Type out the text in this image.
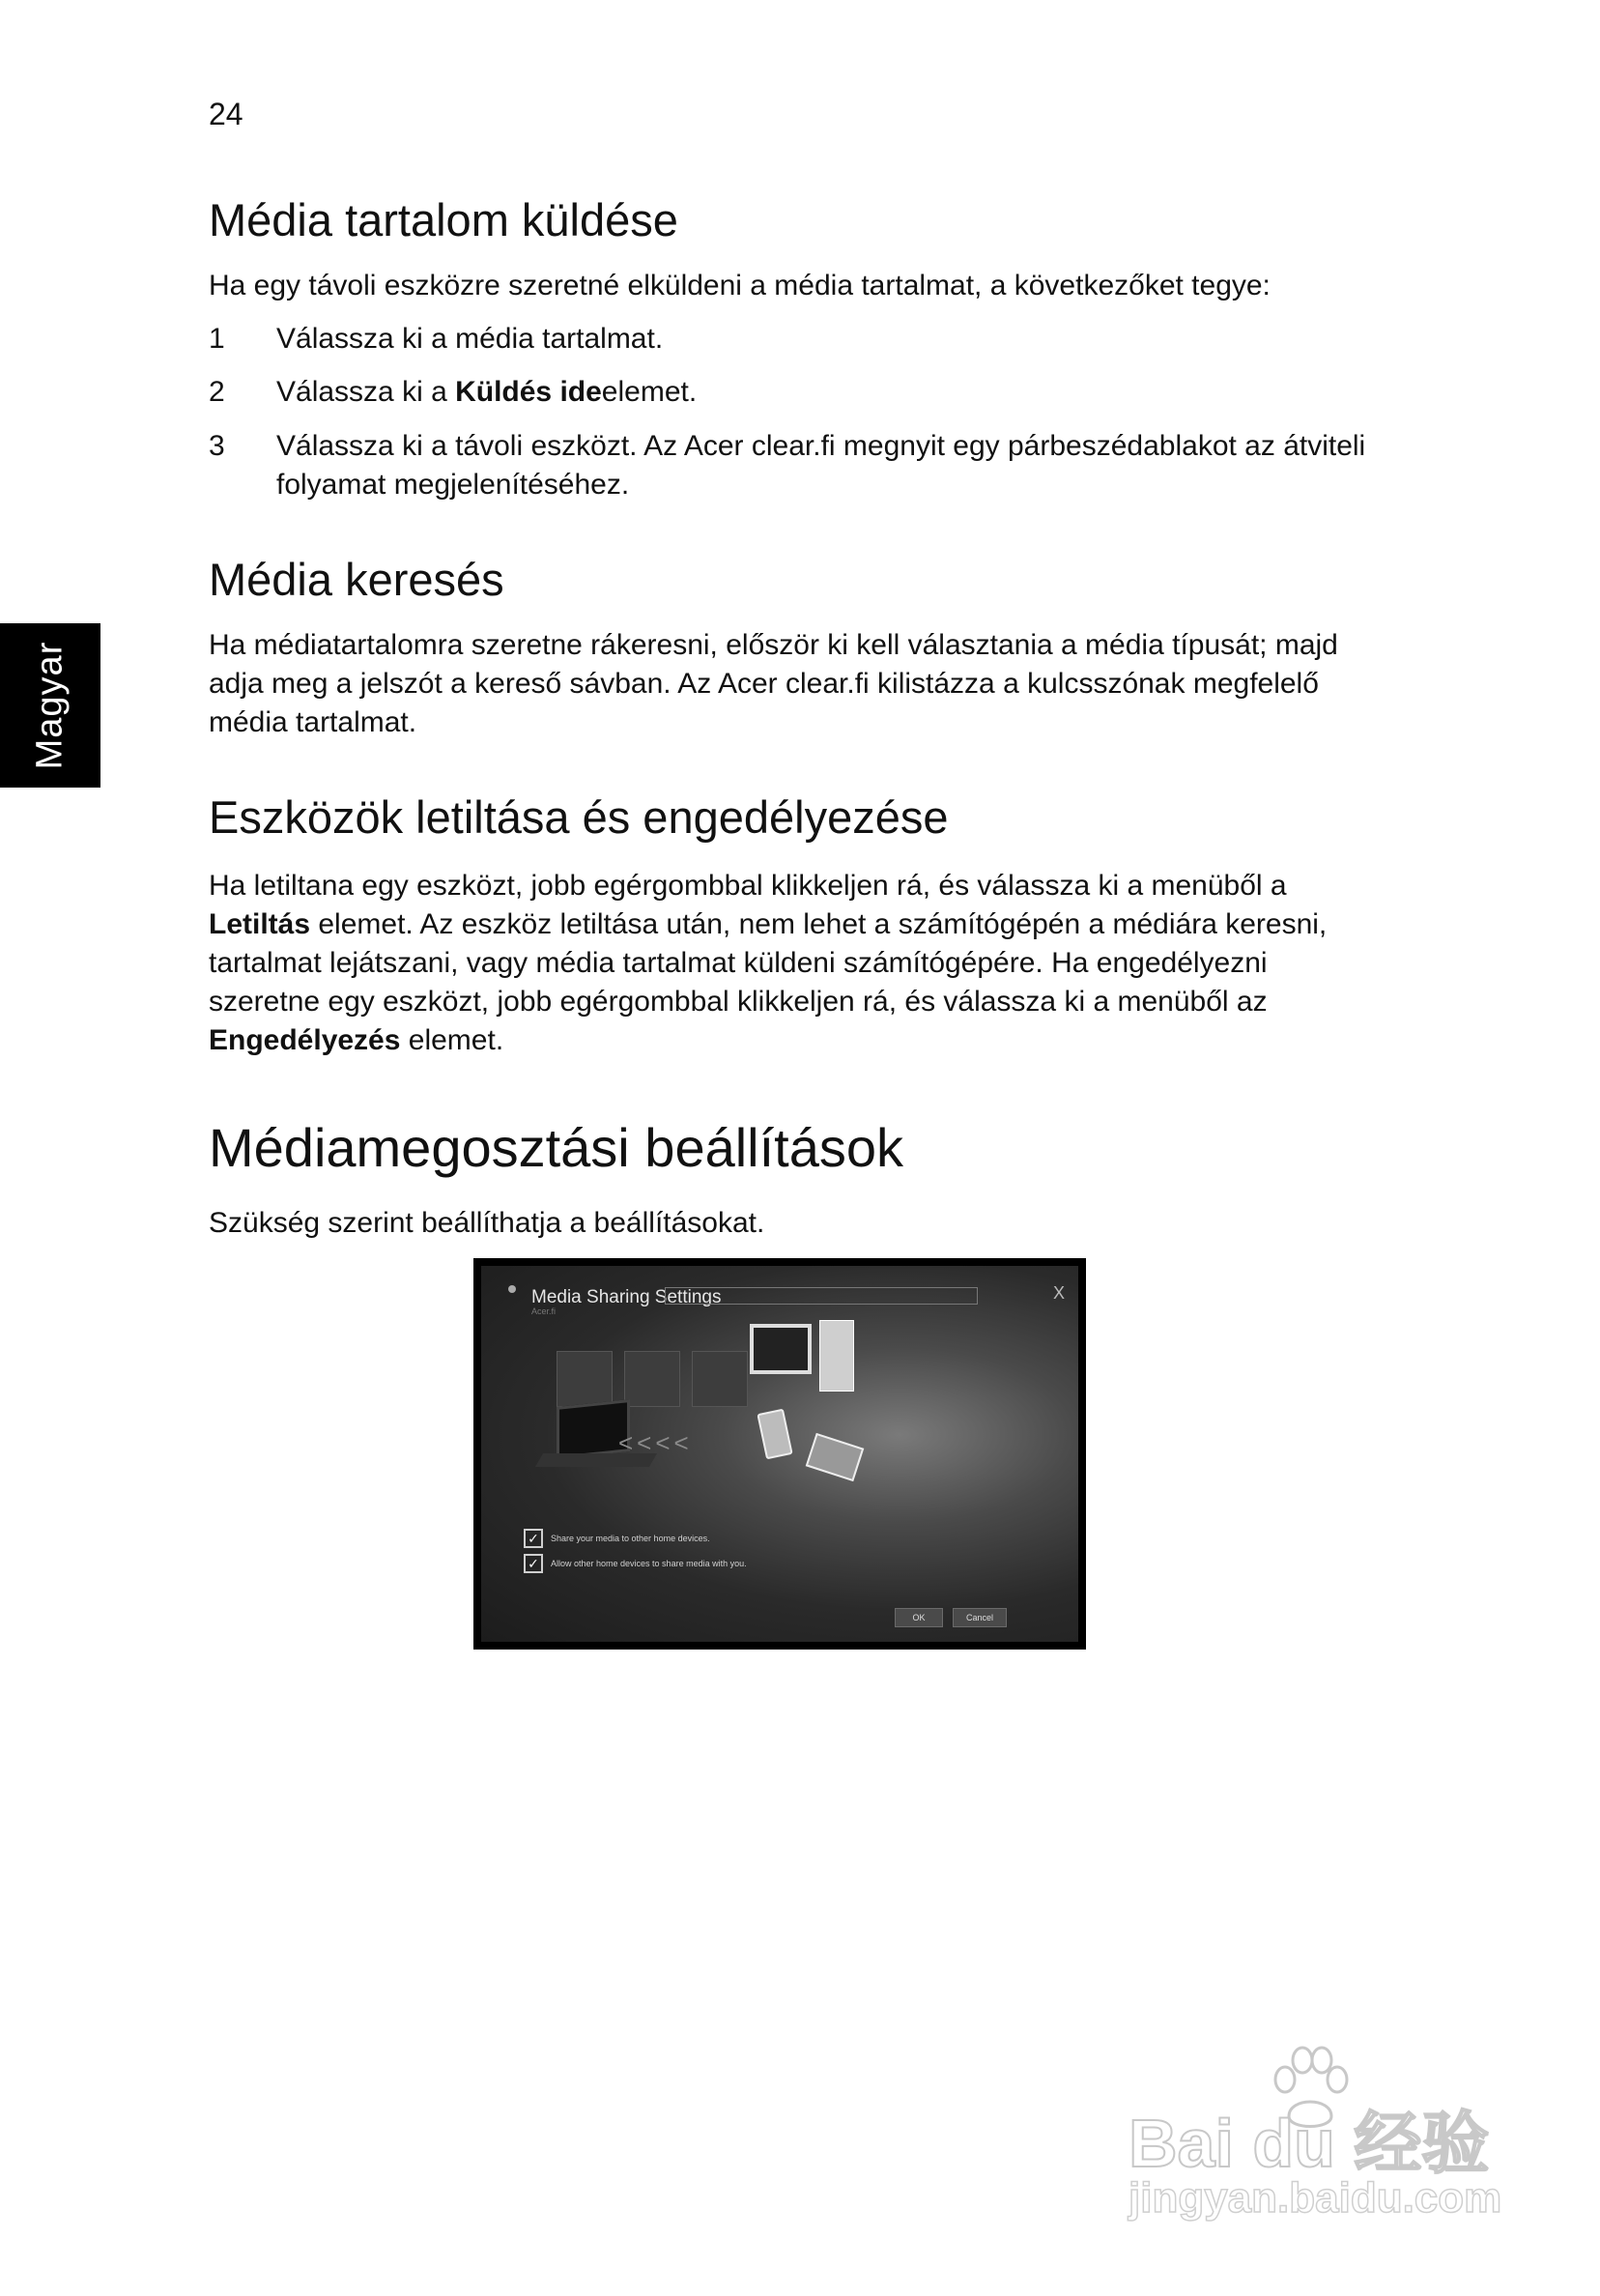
24
Magyar
Média tartalom küldése

Ha egy távoli eszközre szeretné elküldeni a média tartalmat, a következőket tegye:

1 Válassza ki a média tartalmat.
2 Válassza ki a Küldés ideelemet.
3 Válassza ki a távoli eszközt. Az Acer clear.fi megnyit egy párbeszédablakot az átviteli folyamat megjelenítéséhez.
Média keresés

Ha médiatartalomra szeretne rákeresni, először ki kell választania a média típusát; majd adja meg a jelszót a kereső sávban. Az Acer clear.fi kilistázza a kulcsszónak megfelelő média tartalmat.

Eszközök letiltása és engedélyezése

Ha letiltana egy eszközt, jobb egérgombbal klikkeljen rá, és válassza ki a menüből a Letiltás elemet. Az eszköz letiltása után, nem lehet a számítógépén a médiára keresni, tartalmat lejátszani, vagy média tartalmat küldeni számítógépére. Ha engedélyezni szeretne egy eszközt, jobb egérgombbal klikkeljen rá, és válassza ki a menüből az Engedélyezés elemet.

Médiamegosztási beállítások

Szükség szerint beállíthatja a beállításokat.

Media Sharing Settings
Acer.fi
X
<<<<
✓	Share your media to other home devices.
✓	Allow other home devices to share media with you.
OK	Cancel
Bai du 经验
jingyan.baidu.com
